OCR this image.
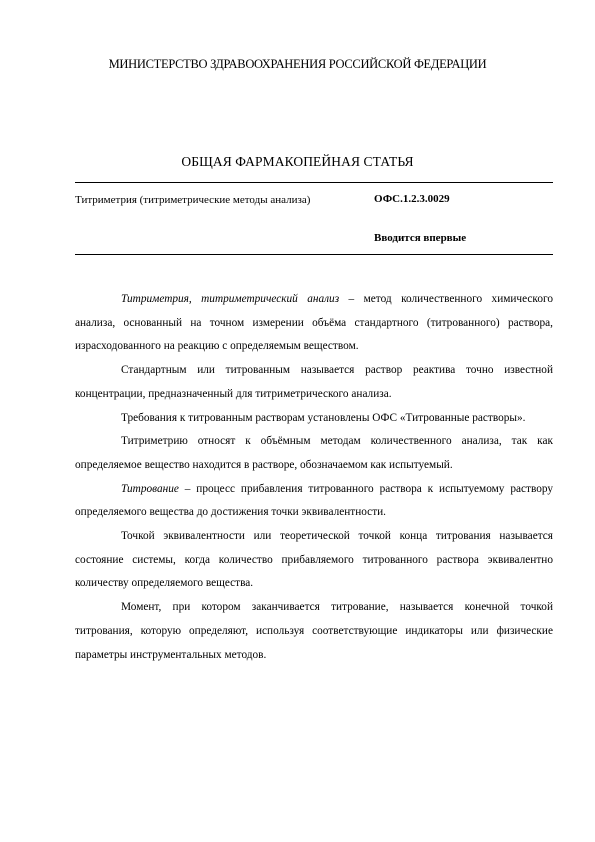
МИНИСТЕРСТВО ЗДРАВООХРАНЕНИЯ РОССИЙСКОЙ ФЕДЕРАЦИИ
ОБЩАЯ ФАРМАКОПЕЙНАЯ СТАТЬЯ
Титриметрия (титриметрические методы анализа)	ОФС.1.2.3.0029
Вводится впервые

Титриметрия, титриметрический анализ – метод количественного химического анализа, основанный на точном измерении объёма стандартного (титрованного) раствора, израсходованного на реакцию с определяемым веществом.

Стандартным или титрованным называется раствор реактива точно известной концентрации, предназначенный для титриметрического анализа.

Требования к титрованным растворам установлены ОФС «Титрованные растворы».

Титриметрию относят к объёмным методам количественного анализа, так как определяемое вещество находится в растворе, обозначаемом как испытуемый.

Титрование – процесс прибавления титрованного раствора к испытуемому раствору определяемого вещества до достижения точки эквивалентности.

Точкой эквивалентности или теоретической точкой конца титрования называется состояние системы, когда количество прибавляемого титрованного раствора эквивалентно количеству определяемого вещества.

Момент, при котором заканчивается титрование, называется конечной точкой титрования, которую определяют, используя соответствующие индикаторы или физические параметры инструментальных методов.
